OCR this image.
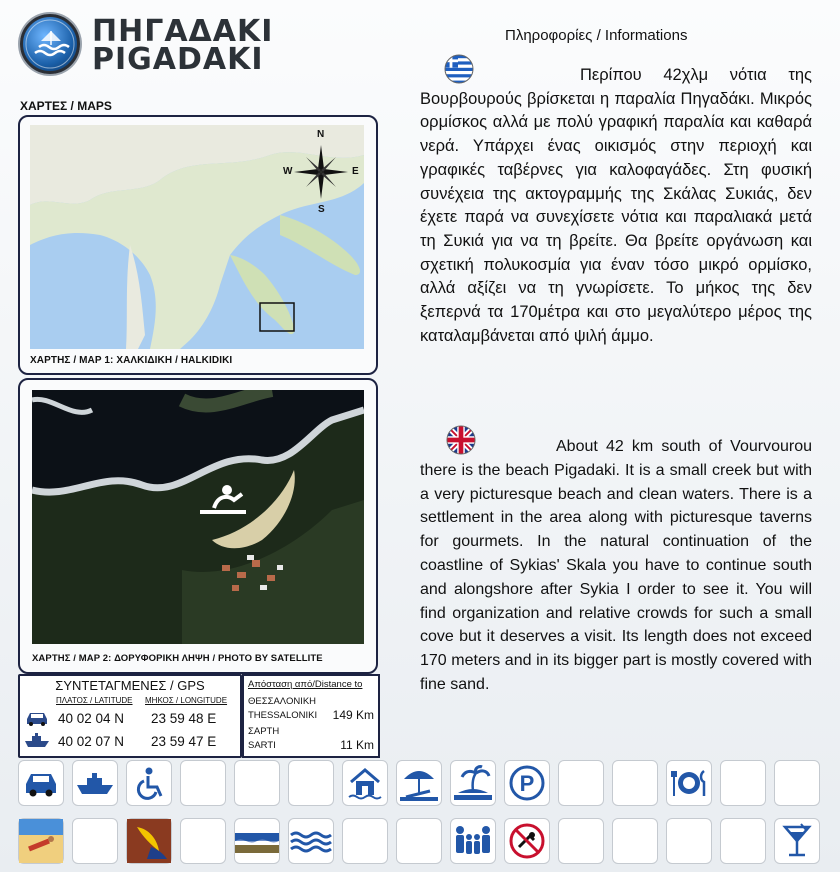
ΠΗΓΑΔΑΚΙ
PIGADAKI
ΧΑΡΤΕΣ / MAPS
Πληροφορίες / Informations
N
S
W	E
ΧΑΡΤΗΣ / MAP 1: ΧΑΛΚΙΔΙΚΗ / HALKIDIKI
ΧΑΡΤΗΣ / MAP 2: ΔΟΡΥΦΟΡΙΚΗ ΛΗΨΗ / PHOTO BY SATELLITE
ΣΥΝΤΕΤΑΓΜΕΝΕΣ / GPS
ΠΛΑΤΟΣ / LATITUDE ΜΗΚΟΣ / LONGITUDE
40 02 04 N 23 59 48 E
40 02 07 N 23 59 47 E
Απόσταση από/Distance to
ΘΕΣΣΑΛΟΝΙΚΗ
THESSALONIKI 149 Km
ΣΑΡΤΗ
SARTI	11 Km
Περίπου 42χλμ νότια της Βουρβουρούς βρίσκεται η παραλία Πηγαδάκι. Μικρός ορμίσκος αλλά με πολύ γραφική παραλία και καθαρά νερά. Υπάρχει ένας οικισμός στην περιοχή και γραφικές ταβέρνες για καλοφαγάδες. Στη φυσική συνέχεια της ακτογραμμής της Σκάλας Συκιάς, δεν έχετε παρά να συνεχίσετε νότια και παραλιακά μετά τη Συκιά για να τη βρείτε. Θα βρείτε οργάνωση και σχετική πολυκοσμία για έναν τόσο μικρό ορμίσκο, αλλά αξίζει να τη γνωρίσετε. Το μήκος της δεν ξεπερνά τα 170μέτρα και στο μεγαλύτερο μέρος της καταλαμβάνεται από ψιλή άμμο.
About 42 km south of Vourvourou there is the beach Pigadaki. It is a small creek but with a very picturesque beach and clean waters. There is a settlement in the area along with picturesque taverns for gourmets. In the natural continuation of the coastline of Sykias' Skala you have to continue south and alongshore after Sykia I order to see it. You will find organization and relative crowds for such a small cove but it deserves a visit. Its length does not exceed 170 meters and in its bigger part is mostly covered with fine sand.
P
